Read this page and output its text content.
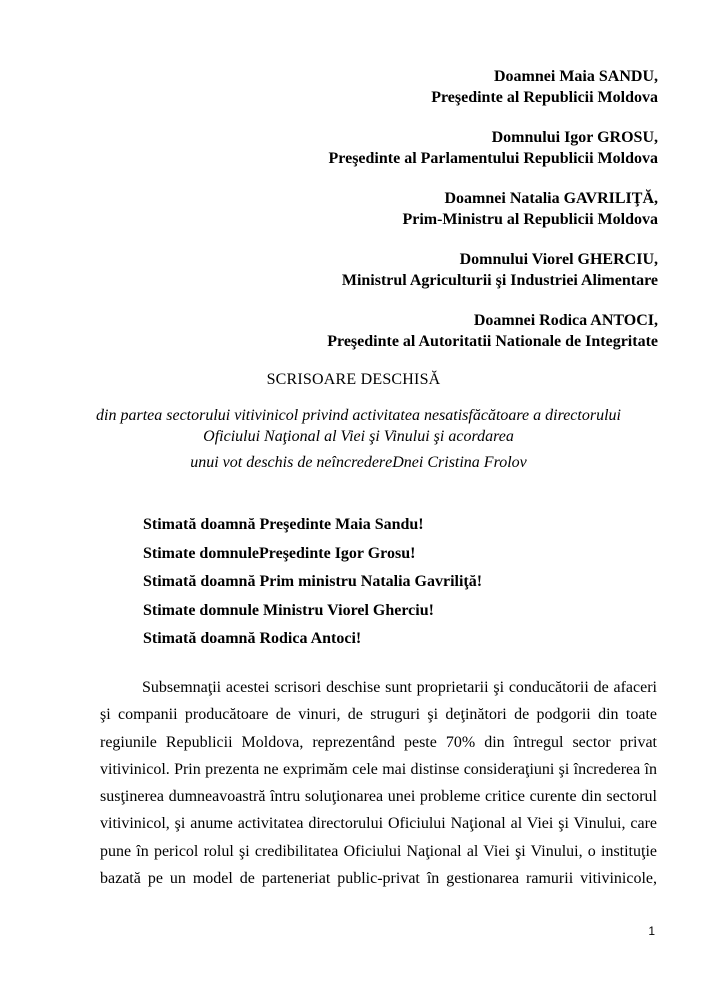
Doamnei Maia SANDU,
Preşedinte al Republicii Moldova
Domnului Igor GROSU,
Preşedinte al Parlamentului Republicii Moldova
Doamnei Natalia GAVRILIŢĂ,
Prim-Ministru al Republicii Moldova
Domnului Viorel GHERCIU,
Ministrul Agriculturii şi Industriei Alimentare
Doamnei Rodica ANTOCI,
Preşedinte al Autoritatii Nationale de Integritate
SCRISOARE DESCHISĂ
din partea sectorului vitivinicol privind activitatea nesatisfăcătoare a directorului
Oficiului Naţional al Viei şi Vinului şi acordarea
unui vot deschis de neîncrederеDnei Cristina Frolov
Stimată doamnă Preşedinte Maia Sandu!
Stimate domnulePreşedinte Igor Grosu!
Stimată doamnă Prim ministru Natalia Gavriliţă!
Stimate domnule Ministru Viorel Gherciu!
Stimată doamnă Rodica Antoci!
Subsemnaţii acestei scrisori deschise sunt proprietarii şi conducătorii de afaceri
şi companii producătoare de vinuri, de struguri şi deţinători de podgorii din toate
regiunile Republicii Moldova, reprezentând peste 70% din întregul sector privat
vitivinicol. Prin prezenta ne exprimăm cele mai distinse consideraţiuni şi încrederea în
susţinerea dumneavoastră întru soluţionarea unei probleme critice curente din sectorul
vitivinicol, şi anume activitatea directorului Oficiului Naţional al Viei şi Vinului, care
pune în pericol rolul şi credibilitatea Oficiului Naţional al Viei şi Vinului, o instituţie
bazată pe un model de parteneriat public-privat în gestionarea ramurii vitivinicole,
1
